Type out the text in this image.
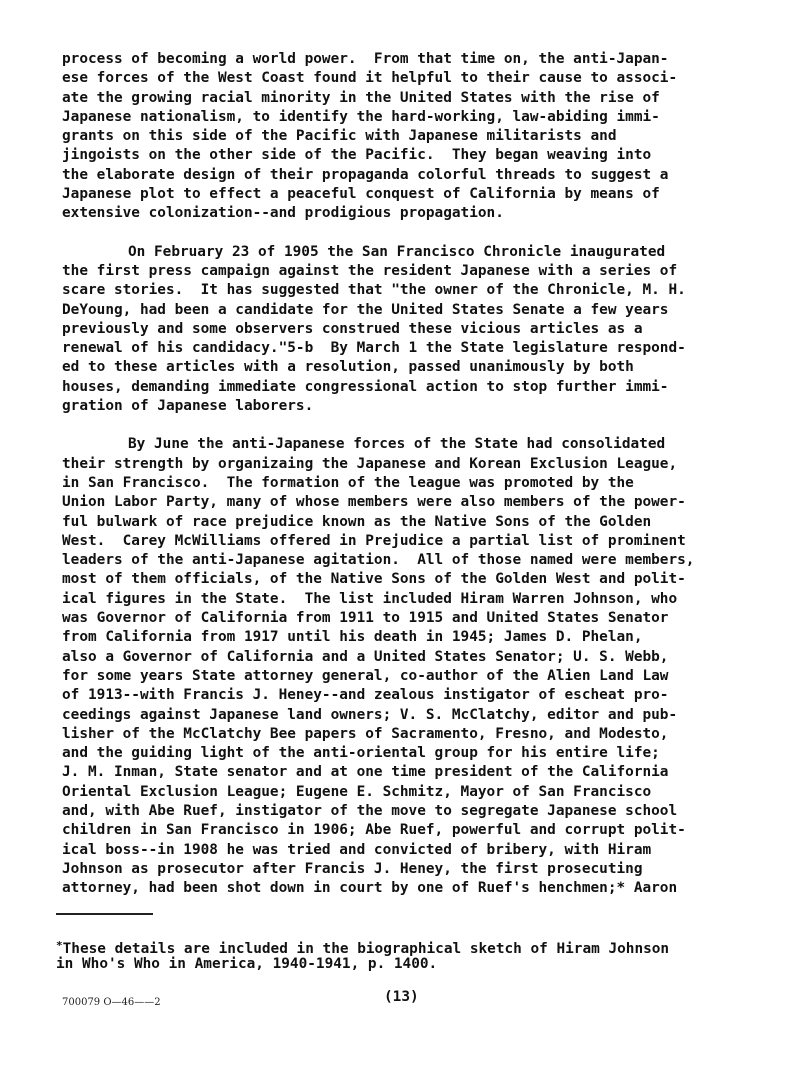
process of becoming a world power.  From that time on, the anti-Japan-
ese forces of the West Coast found it helpful to their cause to associ-
ate the growing racial minority in the United States with the rise of
Japanese nationalism, to identify the hard-working, law-abiding immi-
grants on this side of the Pacific with Japanese militarists and
jingoists on the other side of the Pacific.  They began weaving into
the elaborate design of their propaganda colorful threads to suggest a
Japanese plot to effect a peaceful conquest of California by means of
extensive colonization--and prodigious propagation.
On February 23 of 1905 the San Francisco Chronicle inaugurated
the first press campaign against the resident Japanese with a series of
scare stories.  It has suggested that "the owner of the Chronicle, M. H.
DeYoung, had been a candidate for the United States Senate a few years
previously and some observers construed these vicious articles as a
renewal of his candidacy."5-b  By March 1 the State legislature respond-
ed to these articles with a resolution, passed unanimously by both
houses, demanding immediate congressional action to stop further immi-
gration of Japanese laborers.
By June the anti-Japanese forces of the State had consolidated
their strength by organizaing the Japanese and Korean Exclusion League,
in San Francisco.  The formation of the league was promoted by the
Union Labor Party, many of whose members were also members of the power-
ful bulwark of race prejudice known as the Native Sons of the Golden
West.  Carey McWilliams offered in Prejudice a partial list of prominent
leaders of the anti-Japanese agitation.  All of those named were members,
most of them officials, of the Native Sons of the Golden West and polit-
ical figures in the State.  The list included Hiram Warren Johnson, who
was Governor of California from 1911 to 1915 and United States Senator
from California from 1917 until his death in 1945; James D. Phelan,
also a Governor of California and a United States Senator; U. S. Webb,
for some years State attorney general, co-author of the Alien Land Law
of 1913--with Francis J. Heney--and zealous instigator of escheat pro-
ceedings against Japanese land owners; V. S. McClatchy, editor and pub-
lisher of the McClatchy Bee papers of Sacramento, Fresno, and Modesto,
and the guiding light of the anti-oriental group for his entire life;
J. M. Inman, State senator and at one time president of the California
Oriental Exclusion League; Eugene E. Schmitz, Mayor of San Francisco
and, with Abe Ruef, instigator of the move to segregate Japanese school
children in San Francisco in 1906; Abe Ruef, powerful and corrupt polit-
ical boss--in 1908 he was tried and convicted of bribery, with Hiram
Johnson as prosecutor after Francis J. Heney, the first prosecuting
attorney, had been shot down in court by one of Ruef's henchmen;* Aaron
*These details are included in the biographical sketch of Hiram Johnson
in Who's Who in America, 1940-1941, p. 1400.
700079 O—46——2	(13)
